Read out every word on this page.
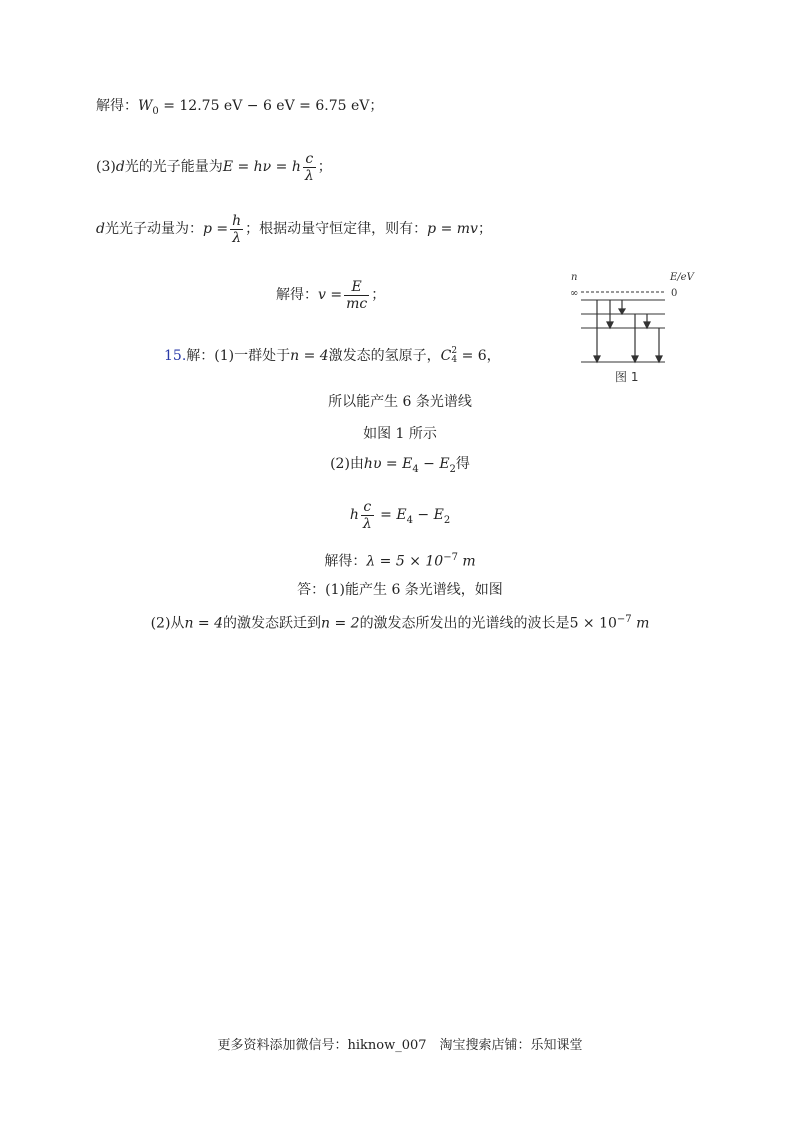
解得：$W_0 = 12.75$ eV − 6 eV = 6.75 eV；
(3)d光的光子能量为E = hν = h $\frac{c}{\lambda}$ ；
d光光子动量为：$p = \frac{h}{\lambda}$ ；根据动量守恒定律，则有：p = mv；
解得：$v = \frac{E}{mc}$ ；
15.解：(1)一群处于n = 4激发态的氢原子，C 2
4 = 6，
n	E/eV
∞	0
图 1
所以能产生 6 条光谱线
如图 1 所示
(2)由$h\upsilon = E_4 - E_2$得
h $\frac{c}{\lambda} = E_4 - E_2$
解得：$\lambda = 5 \times 10^{-7}$ m
答：(1)能产生 6 条光谱线，如图
(2)从n = 4的激发态跃迁到n = 2的激发态所发出的光谱线的波长是$5 \times 10^{-7}$ m
更多资料添加微信号：hiknow_007　淘宝搜索店铺：乐知课堂
